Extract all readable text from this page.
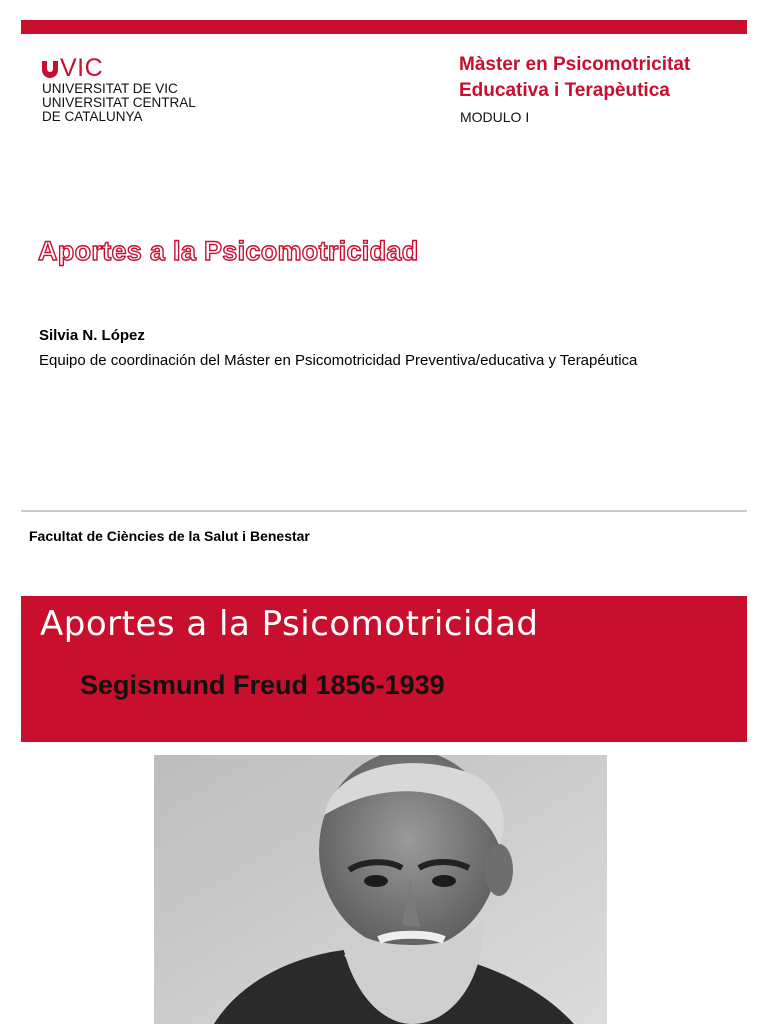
VIC
UNIVERSITAT DE VIC
UNIVERSITAT CENTRAL
DE CATALUNYA
Màster en Psicomotricitat
Educativa i Terapèutica
MODULO I
Aportes a la Psicomotricidad
Silvia N. López
Equipo de coordinación del Máster en Psicomotricidad Preventiva/educativa y Terapéutica
Facultat de Ciències de la Salut i Benestar
Aportes a la Psicomotricidad
Segismund Freud 1856-1939
